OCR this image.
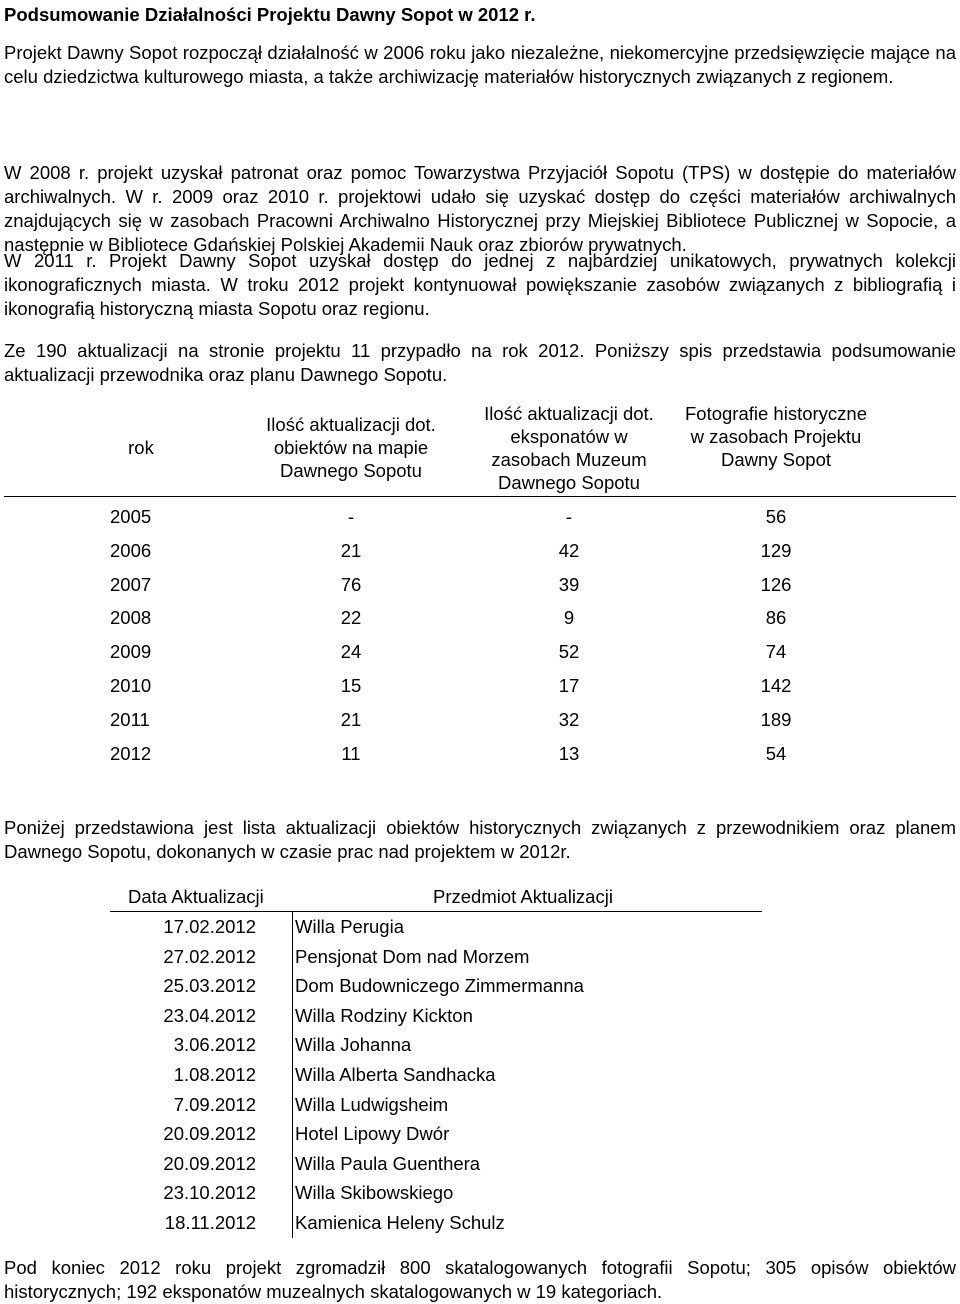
Podsumowanie Działalności Projektu Dawny Sopot w 2012 r.

Projekt Dawny Sopot rozpoczął działalność w 2006 roku jako niezależne, niekomercyjne przedsięwzięcie mające na celu dziedzictwa kulturowego miasta, a także archiwizację materiałów historycznych związanych z regionem.

W 2008 r. projekt uzyskał patronat oraz pomoc Towarzystwa Przyjaciół Sopotu (TPS) w dostępie do materiałów archiwalnych. W r. 2009 oraz 2010 r. projektowi udało się uzyskać dostęp do części materiałów archiwalnych znajdujących się w zasobach Pracowni Archiwalno Historycznej przy Miejskiej Bibliotece Publicznej w Sopocie, a następnie w Bibliotece Gdańskiej Polskiej Akademii Nauk oraz zbiorów prywatnych.

W 2011 r. Projekt Dawny Sopot uzyskał dostęp do jednej z najbardziej unikatowych, prywatnych kolekcji ikonograficznych miasta. W troku 2012 projekt kontynuował powiększanie zasobów związanych z bibliografią i ikonografią historyczną miasta Sopotu oraz regionu.

Ze 190 aktualizacji na stronie projektu 11 przypadło na rok 2012. Poniższy spis przedstawia podsumowanie aktualizacji przewodnika oraz planu Dawnego Sopotu.

rok
Ilość aktualizacji dot. obiektów na mapie Dawnego Sopotu
Ilość aktualizacji dot. eksponatów w zasobach Muzeum Dawnego Sopotu
Fotografie historyczne w zasobach Projektu Dawny Sopot
2005	-	-	56
2006	21	42	129
2007	76	39	126
2008	22	9	86
2009	24	52	74
2010	15	17	142
2011	21	32	189
2012	11	13	54

Poniżej przedstawiona jest lista aktualizacji obiektów historycznych związanych z przewodnikiem oraz planem Dawnego Sopotu, dokonanych w czasie prac nad projektem w 2012r.

Data Aktualizacji	Przedmiot Aktualizacji
17.02.2012 Willa Perugia
27.02.2012 Pensjonat Dom nad Morzem
25.03.2012 Dom Budowniczego Zimmermanna
23.04.2012 Willa Rodziny Kickton
3.06.2012 Willa Johanna
1.08.2012 Willa Alberta Sandhacka
7.09.2012 Willa Ludwigsheim
20.09.2012 Hotel Lipowy Dwór
20.09.2012 Willa Paula Guenthera
23.10.2012 Willa Skibowskiego
18.11.2012 Kamienica Heleny Schulz

Pod koniec 2012 roku projekt zgromadził 800 skatalogowanych fotografii Sopotu; 305 opisów obiektów historycznych; 192 eksponatów muzealnych skatalogowanych w 19 kategoriach.
